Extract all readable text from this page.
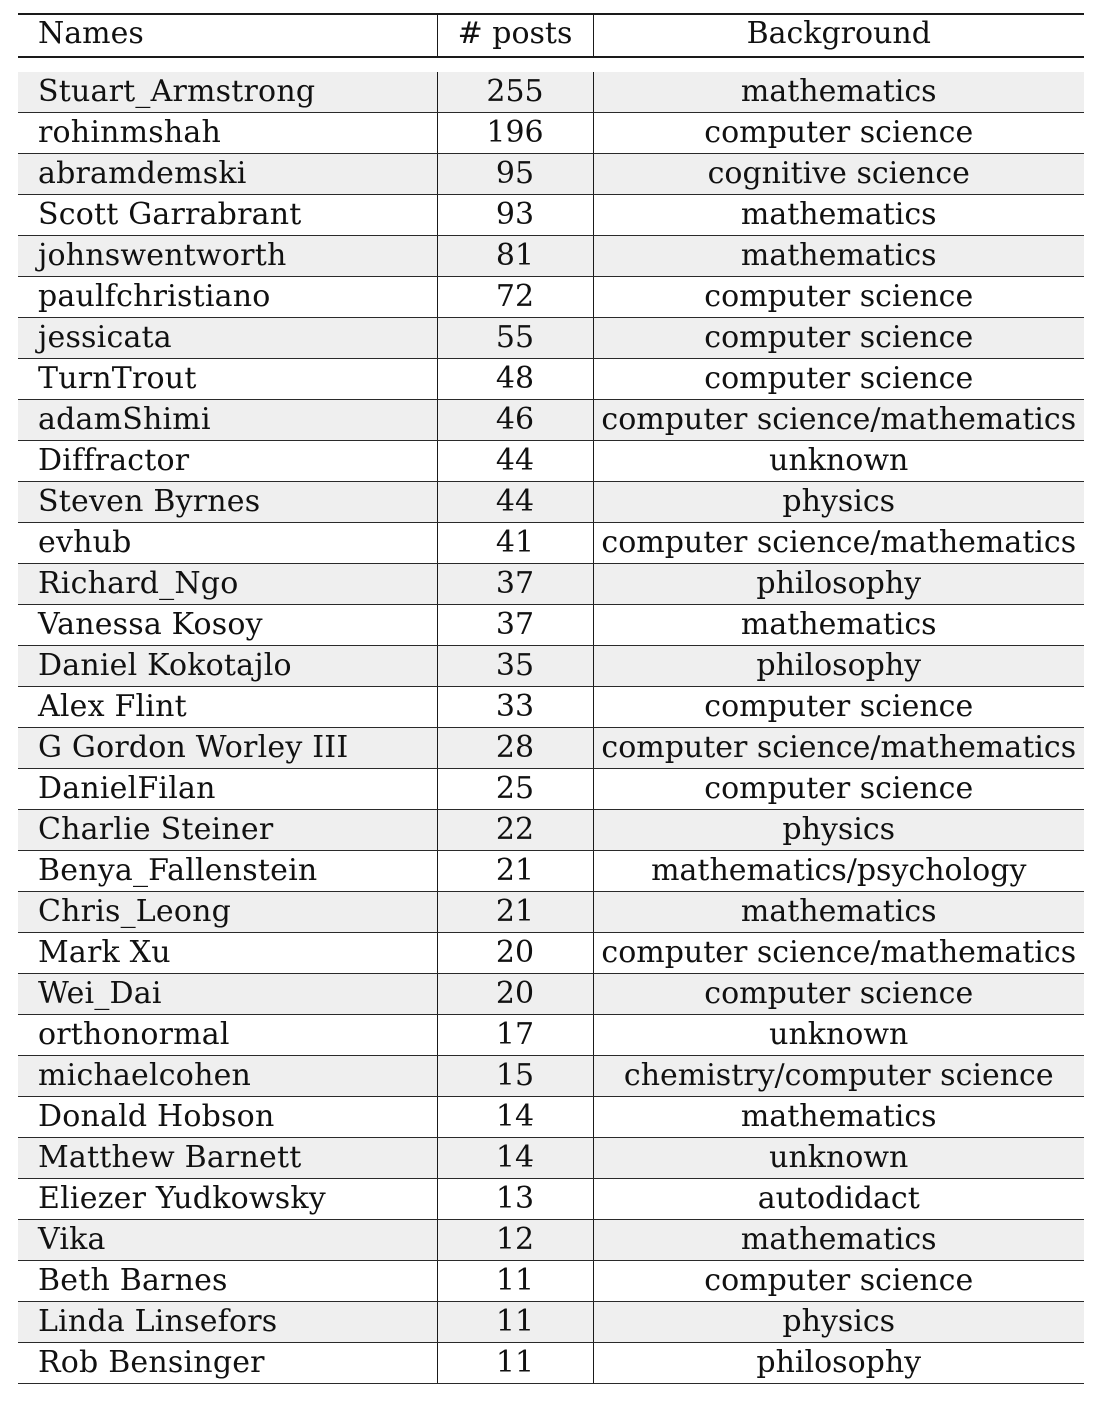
Names	# posts	Background

Stuart_Armstrong	255	mathematics
rohinmshah	196	computer science
abramdemski	95	cognitive science
Scott Garrabrant	93	mathematics
johnswentworth	81	mathematics
paulfchristiano	72	computer science
jessicata	55	computer science
TurnTrout	48	computer science
adamShimi	46	computer science/mathematics
Diffractor	44	unknown
Steven Byrnes	44	physics
evhub	41	computer science/mathematics
Richard_Ngo	37	philosophy
Vanessa Kosoy	37	mathematics
Daniel Kokotajlo	35	philosophy
Alex Flint	33	computer science
G Gordon Worley III	28	computer science/mathematics
DanielFilan	25	computer science
Charlie Steiner	22	physics
Benya_Fallenstein	21	mathematics/psychology
Chris_Leong	21	mathematics
Mark Xu	20	computer science/mathematics
Wei_Dai	20	computer science
orthonormal	17	unknown
michaelcohen	15	chemistry/computer science
Donald Hobson	14	mathematics
Matthew Barnett	14	unknown
Eliezer Yudkowsky	13	autodidact
Vika	12	mathematics
Beth Barnes	11	computer science
Linda Linsefors	11	physics
Rob Bensinger	11	philosophy
